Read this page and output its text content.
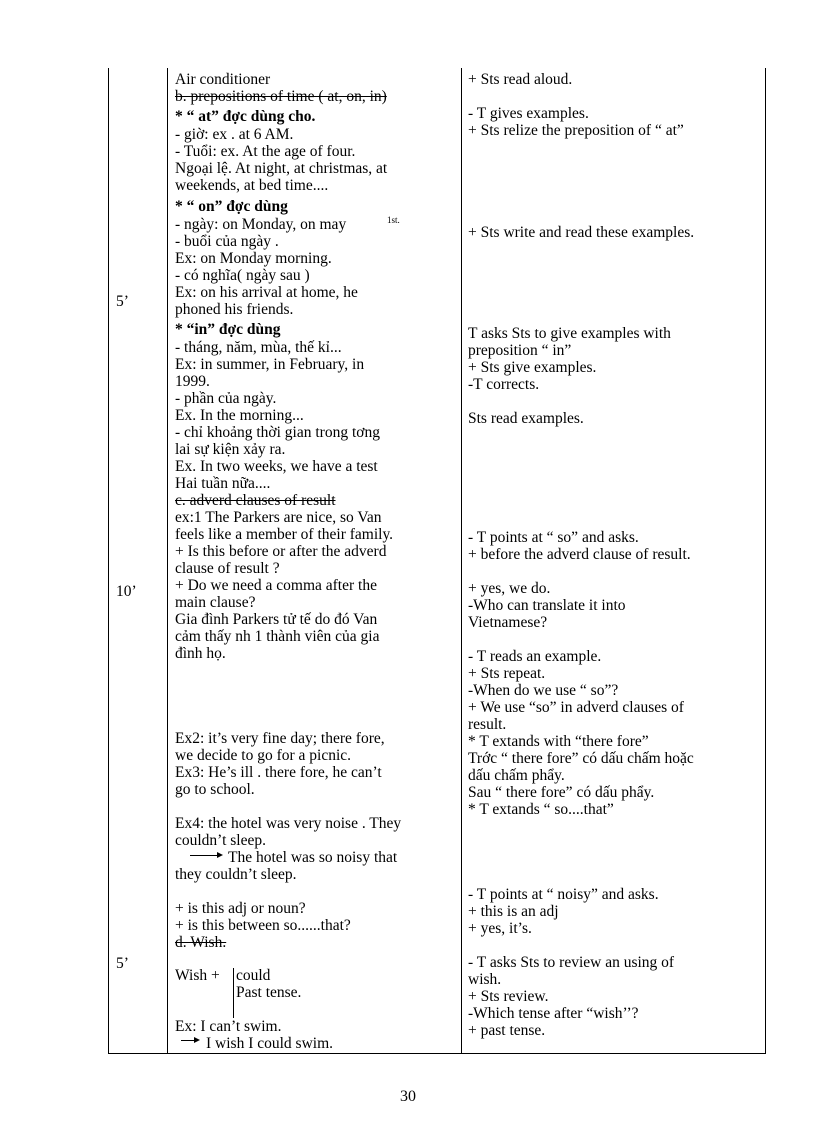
5’
10’
5’
Air conditioner
b. prepositions of time ( at, on, in)
* “ at” đợc dùng cho.
- giờ: ex . at 6 AM.
- Tuổi: ex. At the age of four.
Ngoại lệ. At night, at christmas, at
weekends, at bed time....
* “ on” đợc dùng
- ngày: on Monday, on may	1st.
- buổi của ngày .
Ex: on Monday morning.
- có nghĩa( ngày sau )
Ex: on his arrival at home, he
phoned his friends.
* “in” đợc dùng
- tháng, năm, mùa, thế kỉ...
Ex: in summer, in February, in
1999.
- phần của ngày.
Ex. In the morning...
- chỉ khoảng thời gian trong tơng
lai sự kiện xảy ra.
Ex. In two weeks, we have a test
Hai tuần nữa....
c. adverd clauses of result
ex:1 The Parkers are nice, so Van
feels like a member of their family.
+ Is this before or after the adverd
clause of result ?
+ Do we need a comma after the
main clause?
Gia đình Parkers tử tế do đó Van
cảm thấy nh 1 thành viên của gia
đình họ.
Ex2: it’s very fine day; there fore,
we decide to go for a picnic.
Ex3: He’s ill . there fore, he can’t
go to school.
Ex4: the hotel was very noise . They
couldn’t sleep.
The hotel was so noisy that
they couldn’t sleep.
+ is this adj or noun?
+ is this between so......that?
d. Wish.
Wish + could
Past tense.
Ex: I can’t swim.
I wish I could swim.
+ Sts read aloud.
- T gives examples.
+ Sts relize the preposition of “ at”
+ Sts write and read these examples.
T asks Sts to give examples with
preposition “ in”
+ Sts give examples.
-T corrects.
Sts read examples.
- T points at “ so” and asks.
+ before the adverd clause of result.
+ yes, we do.
-Who can translate it into
Vietnamese?
- T reads an example.
+ Sts repeat.
-When do we use “ so”?
+ We use “so” in adverd clauses of
result.
* T extands with “there fore”
Trớc “ there fore” có dấu chấm hoặc
dấu chấm phẩy.
Sau “ there fore” có dấu phẩy.
* T extands “ so....that”
- T points at “ noisy” and asks.
+ this is an adj
+ yes, it’s.
- T asks Sts to review an using of
wish.
+ Sts review.
-Which tense after “wish’’?
+ past tense.
30
